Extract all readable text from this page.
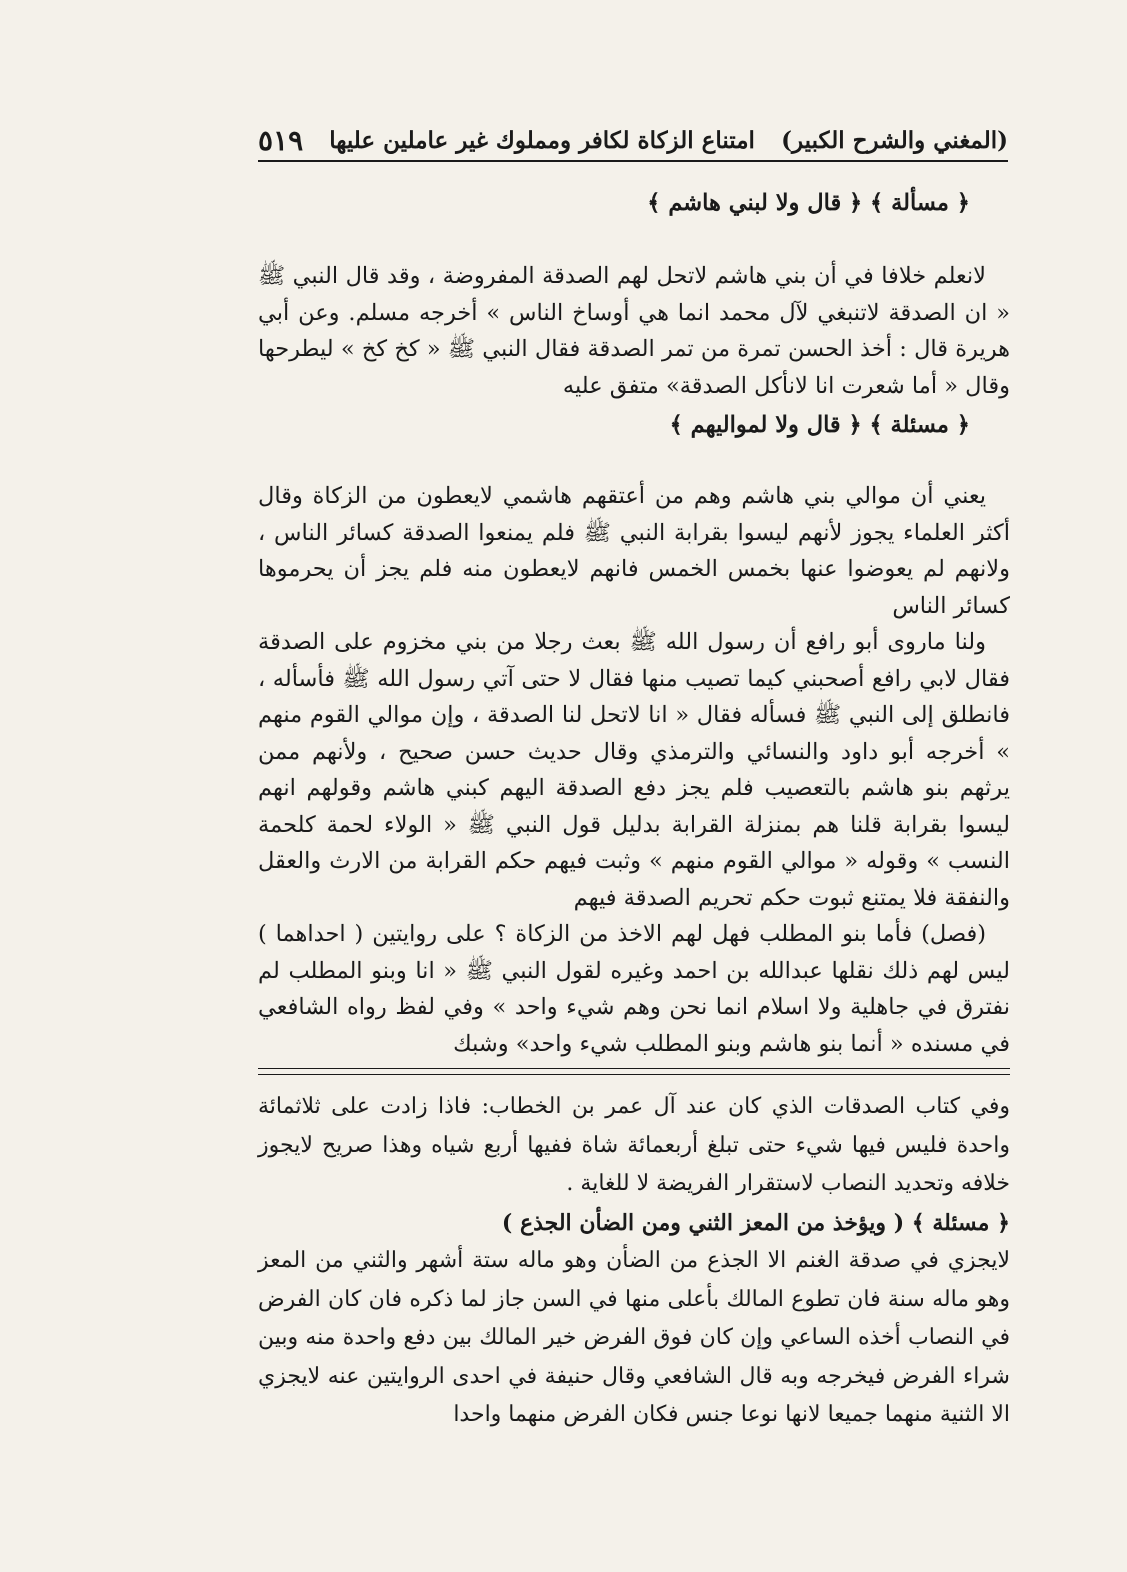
(المغني والشرح الكبير)
امتناع الزكاة لكافر ومملوك غير عاملين عليها
٥١٩
﴿ مسألة ﴾ ﴿ قال ولا لبني هاشم ﴾

لانعلم خلافا في أن بني هاشم لاتحل لهم الصدقة المفروضة ، وقد قال النبي ﷺ « ان الصدقة لاتنبغي لآل محمد انما هي أوساخ الناس » أخرجه مسلم. وعن أبي هريرة قال : أخذ الحسن تمرة من تمر الصدقة فقال النبي ﷺ « كخ كخ » ليطرحها وقال « أما شعرت انا لانأكل الصدقة» متفق عليه

﴿ مسئلة ﴾ ﴿ قال ولا لمواليهم ﴾

يعني أن موالي بني هاشم وهم من أعتقهم هاشمي لايعطون من الزكاة وقال أكثر العلماء يجوز لأنهم ليسوا بقرابة النبي ﷺ فلم يمنعوا الصدقة كسائر الناس ، ولانهم لم يعوضوا عنها بخمس الخمس فانهم لايعطون منه فلم يجز أن يحرموها كسائر الناس

ولنا ماروى أبو رافع أن رسول الله ﷺ بعث رجلا من بني مخزوم على الصدقة فقال لابي رافع أصحبني كيما تصيب منها فقال لا حتى آتي رسول الله ﷺ فأسأله ، فانطلق إلى النبي ﷺ فسأله فقال « انا لاتحل لنا الصدقة ، وإن موالي القوم منهم » أخرجه أبو داود والنسائي والترمذي وقال حديث حسن صحيح ، ولأنهم ممن يرثهم بنو هاشم بالتعصيب فلم يجز دفع الصدقة اليهم كبني هاشم وقولهم انهم ليسوا بقرابة قلنا هم بمنزلة القرابة بدليل قول النبي ﷺ « الولاء لحمة كلحمة النسب » وقوله « موالي القوم منهم » وثبت فيهم حكم القرابة من الارث والعقل والنفقة فلا يمتنع ثبوت حكم تحريم الصدقة فيهم

(فصل) فأما بنو المطلب فهل لهم الاخذ من الزكاة ؟ على روايتين ( احداهما ) ليس لهم ذلك نقلها عبدالله بن احمد وغيره لقول النبي ﷺ « انا وبنو المطلب لم نفترق في جاهلية ولا اسلام انما نحن وهم شيء واحد » وفي لفظ رواه الشافعي في مسنده « أنما بنو هاشم وبنو المطلب شيء واحد» وشبك

وفي كتاب الصدقات الذي كان عند آل عمر بن الخطاب: فاذا زادت على ثلاثمائة واحدة فليس فيها شيء حتى تبلغ أربعمائة شاة ففيها أربع شياه وهذا صريح لايجوز خلافه وتحديد النصاب لاستقرار الفريضة لا للغاية .

﴿ مسئلة ﴾ ( ويؤخذ من المعز الثني ومن الضأن الجذع )

لايجزي في صدقة الغنم الا الجذع من الضأن وهو ماله ستة أشهر والثني من المعز وهو ماله سنة فان تطوع المالك بأعلى منها في السن جاز لما ذكره فان كان الفرض في النصاب أخذه الساعي وإن كان فوق الفرض خير المالك بين دفع واحدة منه وبين شراء الفرض فيخرجه وبه قال الشافعي وقال حنيفة في احدى الروايتين عنه لايجزي الا الثنية منهما جميعا لانها نوعا جنس فكان الفرض منهما واحدا
